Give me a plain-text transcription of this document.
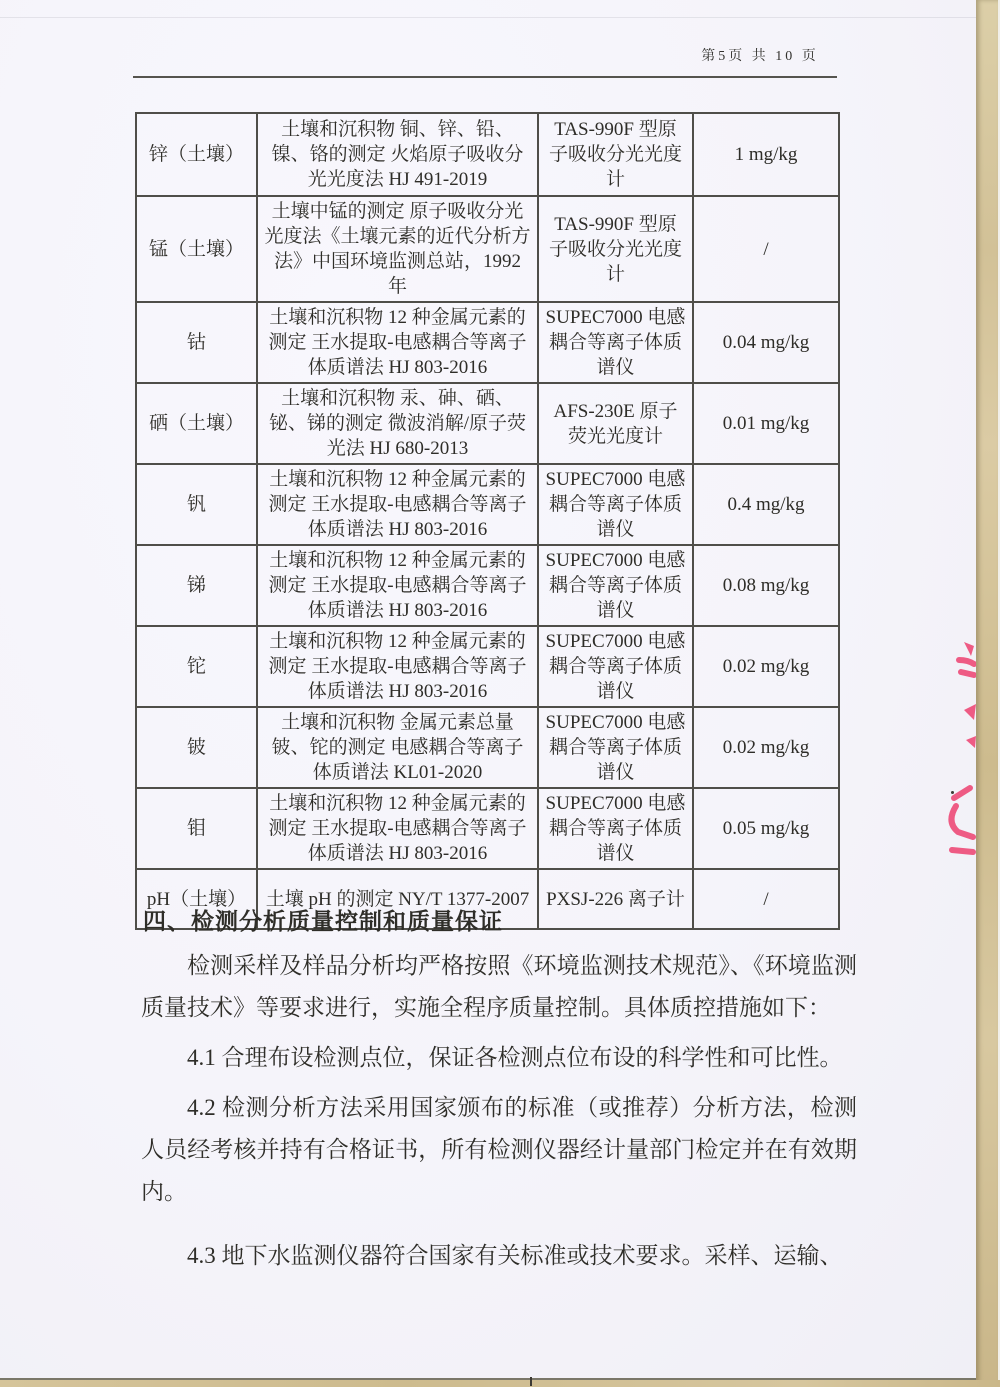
第5页 共 10 页
锌（土壤）	土壤和沉积物 铜、锌、铅、镍、铬的测定 火焰原子吸收分光光度法 HJ 491-2019	TAS-990F 型原子吸收分光光度计	1 mg/kg
锰（土壤）	土壤中锰的测定 原子吸收分光光度法《土壤元素的近代分析方法》中国环境监测总站，1992 年	TAS-990F 型原子吸收分光光度计	/
钴	土壤和沉积物 12 种金属元素的测定 王水提取-电感耦合等离子体质谱法 HJ 803-2016	SUPEC7000 电感耦合等离子体质谱仪	0.04 mg/kg
硒（土壤）	土壤和沉积物 汞、砷、硒、铋、锑的测定 微波消解/原子荧光法 HJ 680-2013	AFS-230E 原子荧光光度计	0.01 mg/kg
钒	土壤和沉积物 12 种金属元素的测定 王水提取-电感耦合等离子体质谱法 HJ 803-2016	SUPEC7000 电感耦合等离子体质谱仪	0.4 mg/kg
锑	土壤和沉积物 12 种金属元素的测定 王水提取-电感耦合等离子体质谱法 HJ 803-2016	SUPEC7000 电感耦合等离子体质谱仪	0.08 mg/kg
铊	土壤和沉积物 12 种金属元素的测定 王水提取-电感耦合等离子体质谱法 HJ 803-2016	SUPEC7000 电感耦合等离子体质谱仪	0.02 mg/kg
铍	土壤和沉积物 金属元素总量铍、铊的测定 电感耦合等离子体质谱法 KL01-2020	SUPEC7000 电感耦合等离子体质谱仪	0.02 mg/kg
钼	土壤和沉积物 12 种金属元素的测定 王水提取-电感耦合等离子体质谱法 HJ 803-2016	SUPEC7000 电感耦合等离子体质谱仪	0.05 mg/kg
pH（土壤）	土壤 pH 的测定 NY/T 1377-2007	PXSJ-226 离子计	/
四、检测分析质量控制和质量保证

检测采样及样品分析均严格按照《环境监测技术规范》、《环境监测质量技术》等要求进行，实施全程序质量控制。具体质控措施如下：

4.1 合理布设检测点位，保证各检测点位布设的科学性和可比性。

4.2 检测分析方法采用国家颁布的标准（或推荐）分析方法，检测人员经考核并持有合格证书，所有检测仪器经计量部门检定并在有效期内。

4.3 地下水监测仪器符合国家有关标准或技术要求。采样、运输、
